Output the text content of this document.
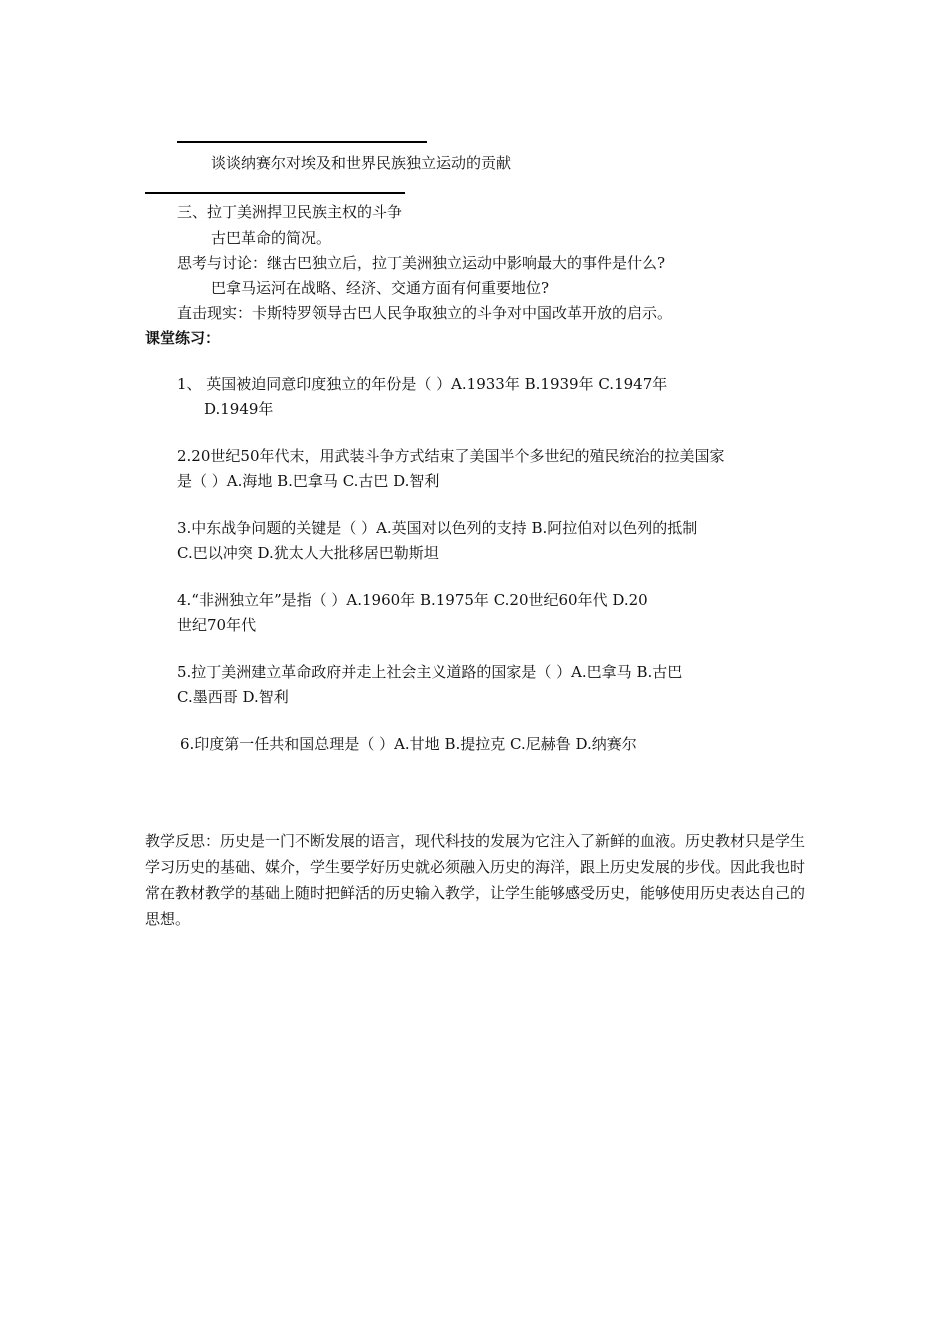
谈谈纳赛尔对埃及和世界民族独立运动的贡献
三、拉丁美洲捍卫民族主权的斗争
古巴革命的简况。
思考与讨论：继古巴独立后，拉丁美洲独立运动中影响最大的事件是什么?
巴拿马运河在战略、经济、交通方面有何重要地位?
直击现实：卡斯特罗领导古巴人民争取独立的斗争对中国改革开放的启示。
课堂练习：
1、 英国被迫同意印度独立的年份是（ ）A.1933年 B.1939年 C.1947年
D.1949年
2.20世纪50年代末，用武装斗争方式结束了美国半个多世纪的殖民统治的拉美国家
是（ ）A.海地 B.巴拿马 C.古巴 D.智利
3.中东战争问题的关键是（ ）A.英国对以色列的支持 B.阿拉伯对以色列的抵制
C.巴以冲突 D.犹太人大批移居巴勒斯坦
4.“非洲独立年”是指（ ）A.1960年 B.1975年 C.20世纪60年代 D.20
世纪70年代
5.拉丁美洲建立革命政府并走上社会主义道路的国家是（ ）A.巴拿马 B.古巴
C.墨西哥 D.智利
6.印度第一任共和国总理是（ ）A.甘地 B.提拉克 C.尼赫鲁 D.纳赛尔
教学反思：历史是一门不断发展的语言，现代科技的发展为它注入了新鲜的血液。历史教材只是学生学习历史的基础、媒介，学生要学好历史就必须融入历史的海洋，跟上历史发展的步伐。因此我也时常在教材教学的基础上随时把鲜活的历史输入教学，让学生能够感受历史，能够使用历史表达自己的思想。
